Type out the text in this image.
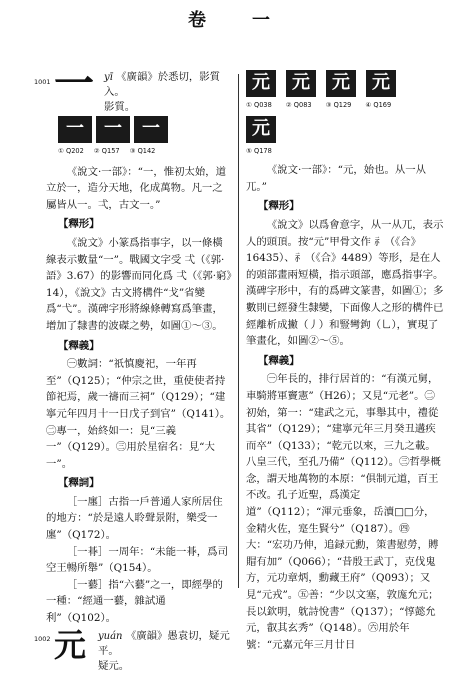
卷　一
1001 一 yī 《廣韻》於悉切，影質入。
影質。
一	一	一
① Q202 ② Q157 ③ Q142

《說文·一部》：“一，惟初太始，道立於一，造分天地，化成萬物。凡一之屬皆从一。弌，古文一。”

【釋形】

《說文》小篆爲指事字，以一條橫線表示數量“一”。戰國文字受 弌（《郭·語》3.67）的影響而同化爲 弌（《郭·窮》14），《說文》古文將構件“戈”省變爲“弋”。漢碑字形將線條轉寫爲筆畫，增加了隸書的波磔之勢，如圖①～③。

【釋義】

㊀數詞：“祇慎慶祀，一年再至”（Q125）；“仲宗之世，重使使者持節祀焉，歲一禱而三祠”（Q129）；“建寧元年四月十一日戊子到官”（Q141）。㊁專一，始終如一：見“三義一”（Q129）。㊂用於星宿名：見“大一”。

【釋詞】

［一廛］古指一戶普通人家所居住的地方：“於是遠人聆聲景附，樂受一廛”（Q172）。

［一朞］一周年：“未能一朞，爲司空王暢所舉”（Q154）。

［一藝］指“六藝”之一，即經學的一種：“經通一藝，雜試通利”（Q102）。

1002 元 yuán 《廣韻》愚袁切，疑元平。
疑元。
元	元	元	元
① Q038 ② Q083 ③ Q129 ④ Q169
元
⑤ Q178

《說文·一部》：“元，始也。从一从兀。”

【釋形】

《說文》以爲會意字，从一从兀，表示人的頭頂。按“元”甲骨文作 ⺬（《合》16435）、⺬（《合》4489）等形，是在人的頭部畫兩短橫，指示頭部，應爲指事字。漢碑字形中，有的爲碑文篆書，如圖①；多數則已經發生隸變，下面像人之形的構件已經離析成撇（丿）和豎彎鉤（乚），實現了筆畫化，如圖②～⑤。

【釋義】

㊀年長的，排行居首的：“有漢元舅，車騎將軍竇憲”（H26）；又見“元老”。㊁初始，第一：“建武之元，事舉其中，禮從其省”（Q129）；“建寧元年三月癸丑遘疾而卒”（Q133）；“乾元以來，三九之載。八皇三代，至孔乃備”（Q112）。㊂哲學概念，謂天地萬物的本原：“俱制元道，百王不改。孔子近聖，爲漢定道”（Q112）；“渾元垂象，岳瀆□□分，金精火佐，寔生賢兮”（Q187）。㊃大：“宏功乃伸，追録元勳，策書慰勞，賻賵有加”（Q066）；“昔殷王武丁，克伐鬼方，元功章炳，勳藏王府”（Q093）；又見“元戎”。㊄善：“少以文塞，敦庬允元；長以欽明，躭詩悅書”（Q137）；“惇懿允元，叡其玄秀”（Q148）。㊅用於年號：“元嘉元年三月廿日
